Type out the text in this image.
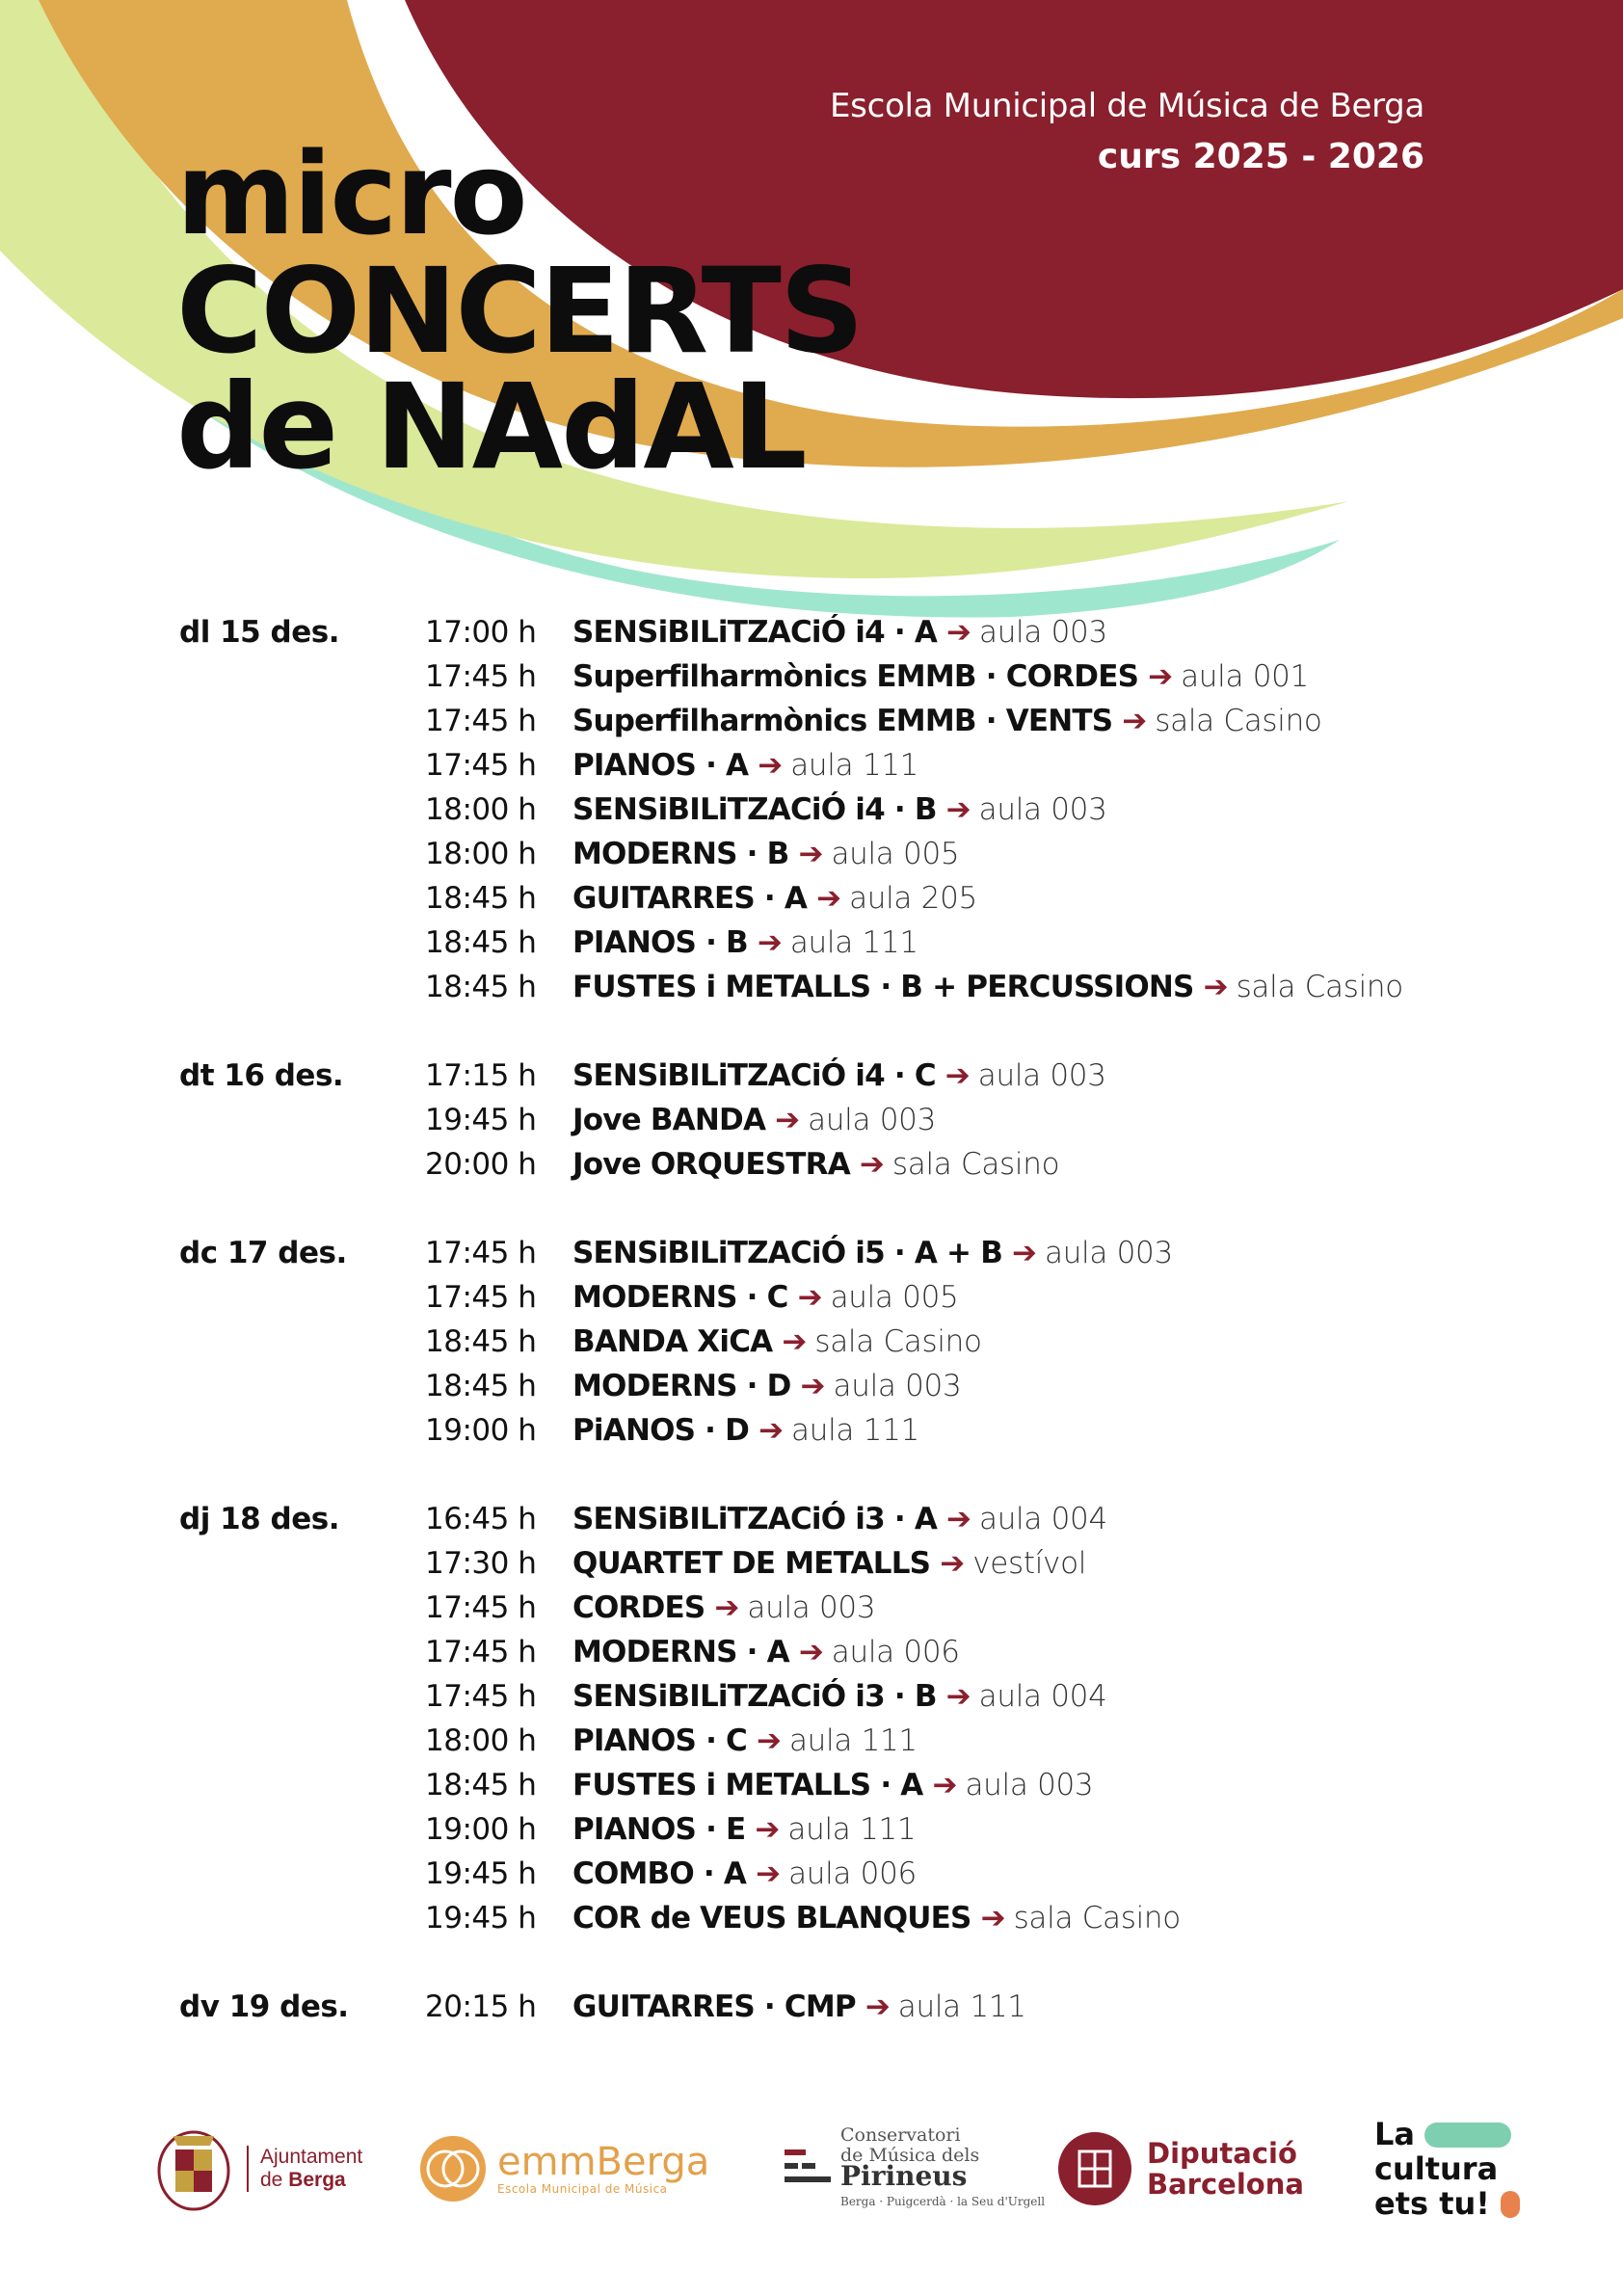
Escola Municipal de Música de Berga
curs 2025 - 2026
micro
CONCERTS
de NAdAL
dl 15 des.	17:00 h SENSiBILiTZACiÓ i4 · A ➔ aula 003
17:45 h Superfilharmònics EMMB · CORDES ➔ aula 001
17:45 h Superfilharmònics EMMB · VENTS ➔ sala Casino
17:45 h PIANOS · A ➔ aula 111
18:00 h SENSiBILiTZACiÓ i4 · B ➔ aula 003
18:00 h MODERNS · B ➔ aula 005
18:45 h GUITARRES · A ➔ aula 205
18:45 h PIANOS · B ➔ aula 111
18:45 h FUSTES i METALLS · B + PERCUSSIONS ➔ sala Casino
dt 16 des.	17:15 h SENSiBILiTZACiÓ i4 · C ➔ aula 003
19:45 h Jove BANDA ➔ aula 003
20:00 h Jove ORQUESTRA ➔ sala Casino
dc 17 des.	17:45 h SENSiBILiTZACiÓ i5 · A + B ➔ aula 003
17:45 h MODERNS · C ➔ aula 005
18:45 h BANDA XiCA ➔ sala Casino
18:45 h MODERNS · D ➔ aula 003
19:00 h PiANOS · D ➔ aula 111
dj 18 des.	16:45 h SENSiBILiTZACiÓ i3 · A ➔ aula 004
17:30 h QUARTET DE METALLS ➔ vestívol
17:45 h CORDES ➔ aula 003
17:45 h MODERNS · A ➔ aula 006
17:45 h SENSiBILiTZACiÓ i3 · B ➔ aula 004
18:00 h PIANOS · C ➔ aula 111
18:45 h FUSTES i METALLS · A ➔ aula 003
19:00 h PIANOS · E ➔ aula 111
19:45 h COMBO · A ➔ aula 006
19:45 h COR de VEUS BLANQUES ➔ sala Casino
dv 19 des.	20:15 h GUITARRES · CMP ➔ aula 111
Ajuntament
de Berga	emmBerga
Escola Municipal de Música
Conservatori
de Música dels
Pirineus
Berga · Puigcerdà · la Seu d'Urgell
Diputació
Barcelona
La

cultura
ets tu!
